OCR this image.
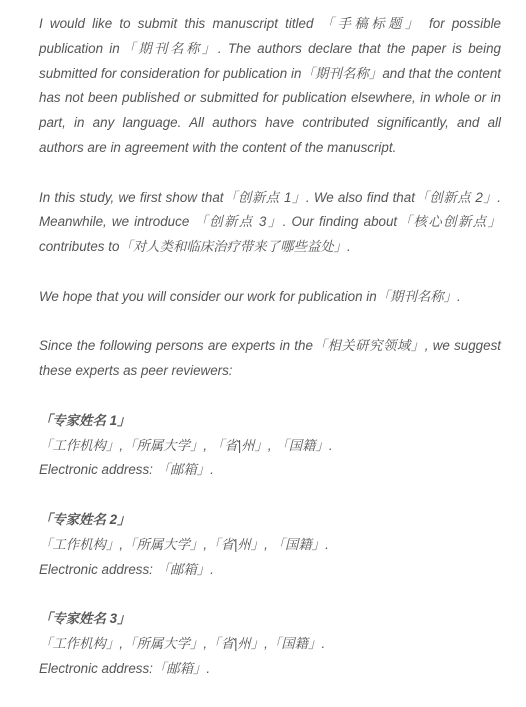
I would like to submit this manuscript titled 「手稿标题」 for possible publication in「期刊名称」. The authors declare that the paper is being submitted for consideration for publication in「期刊名称」and that the content has not been published or submitted for publication elsewhere, in whole or in part, in any language. All authors have contributed significantly, and all authors are in agreement with the content of the manuscript.

In this study, we first show that「创新点 1」. We also find that「创新点 2」. Meanwhile, we introduce 「创新点 3」. Our finding about「核心创新点」contributes to「对人类和临床治疗带来了哪些益处」.

We hope that you will consider our work for publication in「期刊名称」.

Since the following persons are experts in the「相关研究领域」, we suggest these experts as peer reviewers:

「专家姓名 1」

「工作机构」,「所属大学」, 「省|州」, 「国籍」.

Electronic address: 「邮箱」.

「专家姓名 2」

「工作机构」,「所属大学」,「省|州」, 「国籍」.

Electronic address: 「邮箱」.

「专家姓名 3」

「工作机构」,「所属大学」,「省|州」,「国籍」.

Electronic address:「邮箱」.
